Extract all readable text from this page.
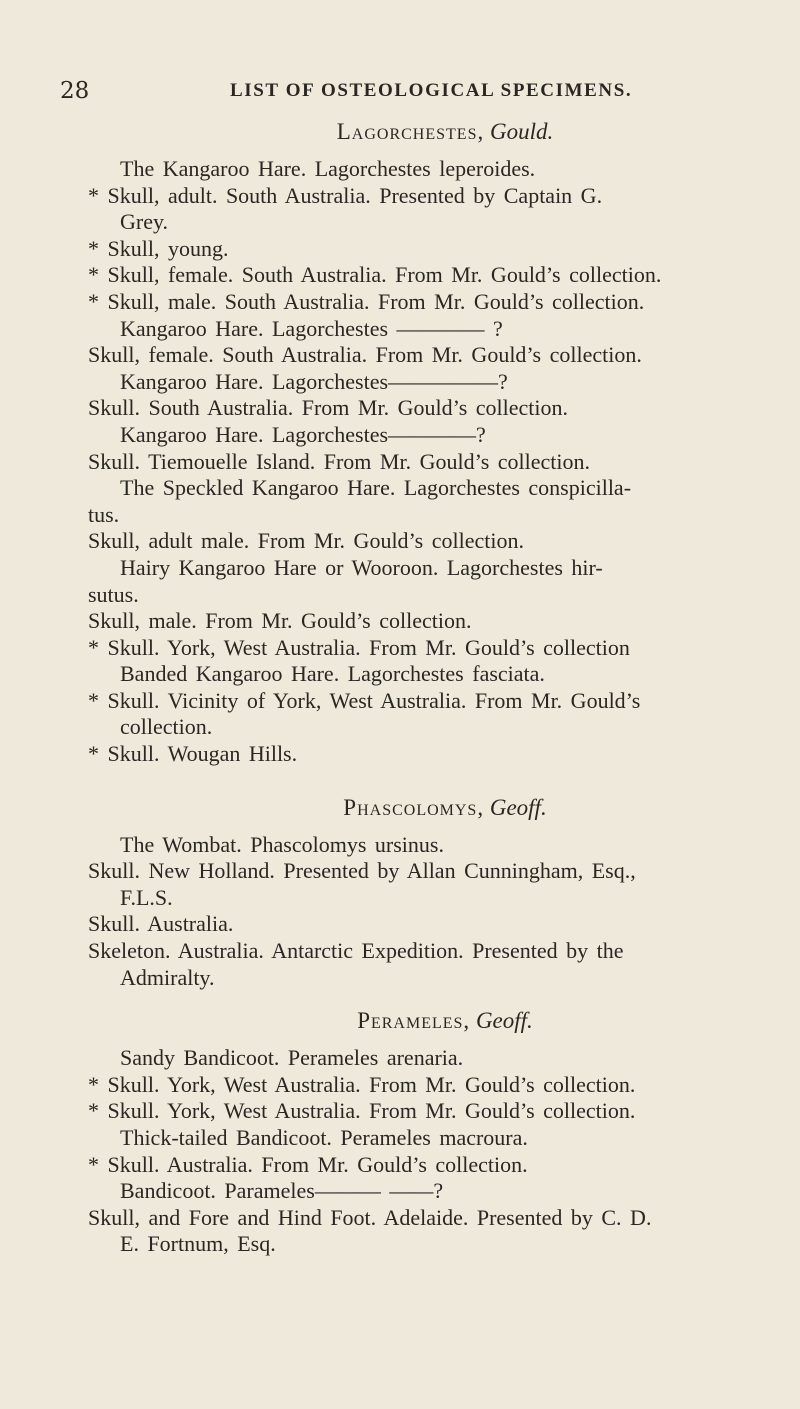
28	LIST OF OSTEOLOGICAL SPECIMENS.
Lagorchestes, Gould.
The Kangaroo Hare. Lagorchestes leperoides.
* Skull, adult. South Australia. Presented by Captain G.
Grey.
* Skull, young.
* Skull, female. South Australia. From Mr. Gould’s collection.
* Skull, male. South Australia. From Mr. Gould’s collection.
Kangaroo Hare. Lagorchestes ———— ?
Skull, female. South Australia. From Mr. Gould’s collection.
Kangaroo Hare. Lagorchestes—————?
Skull. South Australia. From Mr. Gould’s collection.
Kangaroo Hare. Lagorchestes————?
Skull. Tiemouelle Island. From Mr. Gould’s collection.
The Speckled Kangaroo Hare. Lagorchestes conspicilla-
tus.
Skull, adult male. From Mr. Gould’s collection.
Hairy Kangaroo Hare or Wooroon. Lagorchestes hir-
sutus.
Skull, male. From Mr. Gould’s collection.
* Skull. York, West Australia. From Mr. Gould’s collection
Banded Kangaroo Hare. Lagorchestes fasciata.
* Skull. Vicinity of York, West Australia. From Mr. Gould’s
collection.
* Skull. Wougan Hills.
Phascolomys, Geoff.
The Wombat. Phascolomys ursinus.
Skull. New Holland. Presented by Allan Cunningham, Esq.,
F.L.S.
Skull. Australia.
Skeleton. Australia. Antarctic Expedition. Presented by the
Admiralty.
Perameles, Geoff.
Sandy Bandicoot. Perameles arenaria.
* Skull. York, West Australia. From Mr. Gould’s collection.
* Skull. York, West Australia. From Mr. Gould’s collection.
Thick-tailed Bandicoot. Perameles macroura.
* Skull. Australia. From Mr. Gould’s collection.
Bandicoot. Parameles——— ——?
Skull, and Fore and Hind Foot. Adelaide. Presented by C. D.
E. Fortnum, Esq.
